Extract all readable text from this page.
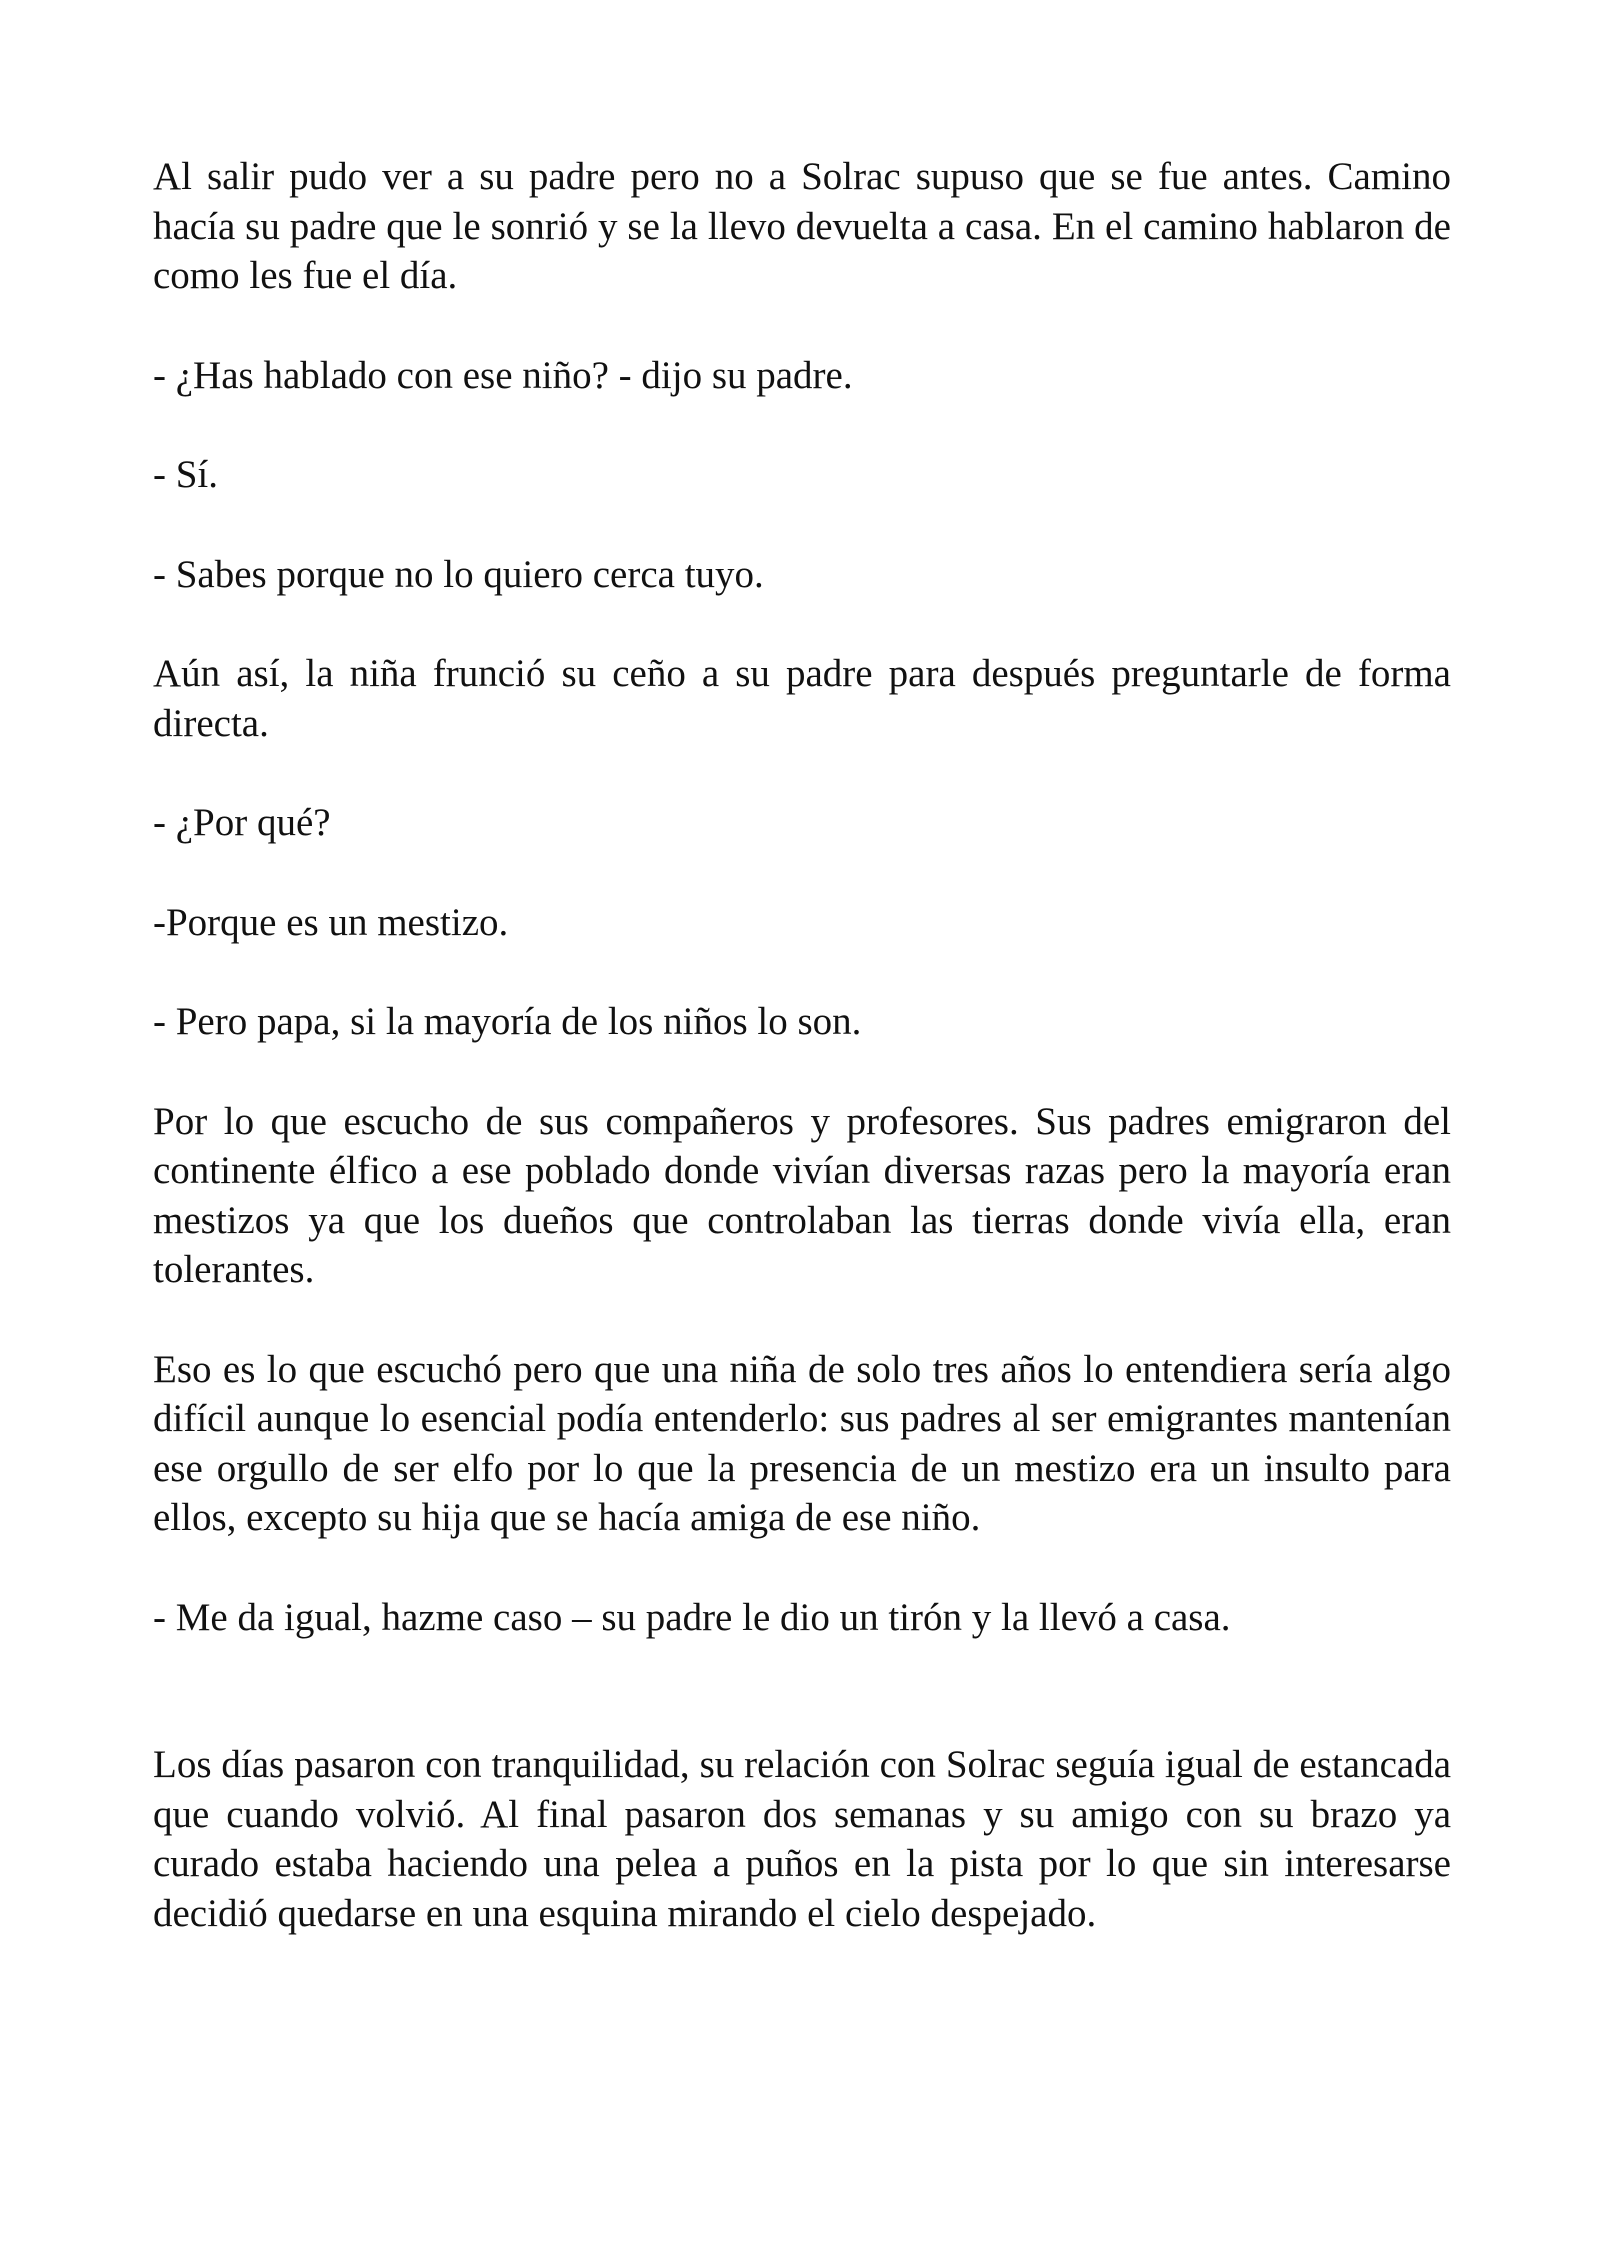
Al salir pudo ver a su padre pero no a Solrac supuso que se fue antes. Camino hacía su padre que le sonrió y se la llevo devuelta a casa. En el camino hablaron de como les fue el día.

- ¿Has hablado con ese niño? - dijo su padre.

- Sí.

- Sabes porque no lo quiero cerca tuyo.

Aún así, la niña frunció su ceño a su padre para después preguntarle de forma directa.

- ¿Por qué?

-Porque es un mestizo.

- Pero papa, si la mayoría de los niños lo son.

Por lo que escucho de sus compañeros y profesores. Sus padres emigraron del continente élfico a ese poblado donde vivían diversas razas pero la mayoría eran mestizos ya que los dueños que controlaban las tierras donde vivía ella, eran tolerantes.

Eso es lo que escuchó pero que una niña de solo tres años lo entendiera sería algo difícil aunque lo esencial podía entenderlo: sus padres al ser emigrantes mantenían ese orgullo de ser elfo por lo que la presencia de un mestizo era un insulto para ellos, excepto su hija que se hacía amiga de ese niño.

- Me da igual, hazme caso – su padre le dio un tirón y la llevó a casa.

Los días pasaron con tranquilidad, su relación con Solrac seguía igual de estancada que cuando volvió. Al final pasaron dos semanas y su amigo con su brazo ya curado estaba haciendo una pelea a puños en la pista por lo que sin interesarse decidió quedarse en una esquina mirando el cielo despejado.
